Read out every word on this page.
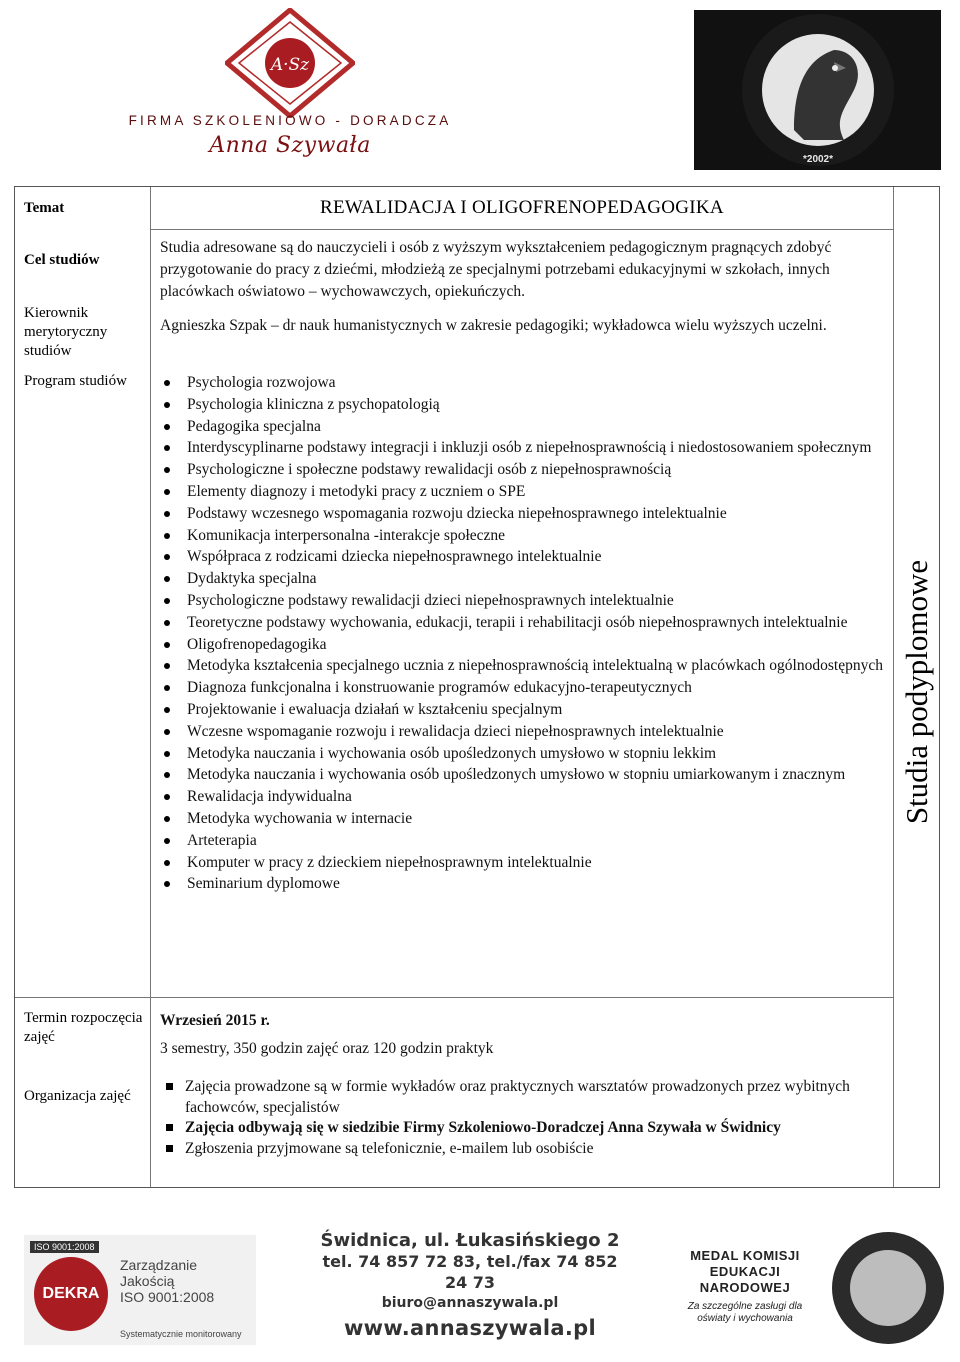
A·Sz
FIRMA SZKOLENIOWO - DORADCZA
Anna Szywała
*2002*
Temat
Cel studiów
Kierownik merytoryczny studiów
Program studiów
Termin rozpoczęcia zajęć
Organizacja zajęć
REWALIDACJA I OLIGOFRENOPEDAGOGIKA
Studia adresowane są do nauczycieli i osób z wyższym wykształceniem pedagogicznym pragnących zdobyć przygotowanie do pracy z dziećmi, młodzieżą ze specjalnymi potrzebami edukacyjnymi w szkołach, innych placówkach oświatowo – wychowawczych, opiekuńczych.
Agnieszka Szpak – dr nauk humanistycznych w zakresie pedagogiki; wykładowca wielu wyższych uczelni.
Psychologia rozwojowa
Psychologia kliniczna z psychopatologią
Pedagogika specjalna
Interdyscyplinarne podstawy integracji i inkluzji osób z niepełnosprawnością i niedostosowaniem społecznym
Psychologiczne i społeczne podstawy rewalidacji osób z niepełnosprawnością
Elementy diagnozy i metodyki pracy z uczniem o SPE
Podstawy wczesnego wspomagania rozwoju dziecka niepełnosprawnego intelektualnie
Komunikacja interpersonalna -interakcje społeczne
Współpraca z rodzicami dziecka niepełnosprawnego intelektualnie
Dydaktyka specjalna
Psychologiczne podstawy rewalidacji dzieci niepełnosprawnych intelektualnie
Teoretyczne podstawy wychowania, edukacji, terapii i rehabilitacji osób niepełnosprawnych intelektualnie
Oligofrenopedagogika
Metodyka kształcenia specjalnego ucznia z niepełnosprawnością intelektualną w placówkach ogólnodostępnych
Diagnoza funkcjonalna i konstruowanie programów edukacyjno-terapeutycznych
Projektowanie i ewaluacja działań w kształceniu specjalnym
Wczesne wspomaganie rozwoju i rewalidacja dzieci niepełnosprawnych intelektualnie
Metodyka nauczania i wychowania osób upośledzonych umysłowo w stopniu lekkim
Metodyka nauczania i wychowania osób upośledzonych umysłowo w stopniu umiarkowanym i znacznym
Rewalidacja indywidualna
Metodyka wychowania w internacie
Arteterapia
Komputer w pracy z dzieckiem niepełnosprawnym intelektualnie
Seminarium dyplomowe
Wrzesień 2015 r.
3 semestry, 350 godzin zajęć oraz 120 godzin praktyk
Zajęcia prowadzone są w formie wykładów oraz praktycznych warsztatów prowadzonych przez wybitnych fachowców, specjalistów
Zajęcia odbywają się w siedzibie Firmy Szkoleniowo-Doradczej Anna Szywała w Świdnicy
Zgłoszenia przyjmowane są telefonicznie, e-mailem lub osobiście
Studia podyplomowe
ISO 9001:2008
DEKRA
Zarządzanie
Jakością
ISO 9001:2008
Systematycznie monitorowany
Świdnica, ul. Łukasińskiego 2
tel. 74 857 72 83, tel./fax 74 852 24 73
biuro@annaszywala.pl
www.annaszywala.pl
MEDAL KOMISJI EDUKACJI NARODOWEJ
Za szczególne zasługi dla oświaty i wychowania
